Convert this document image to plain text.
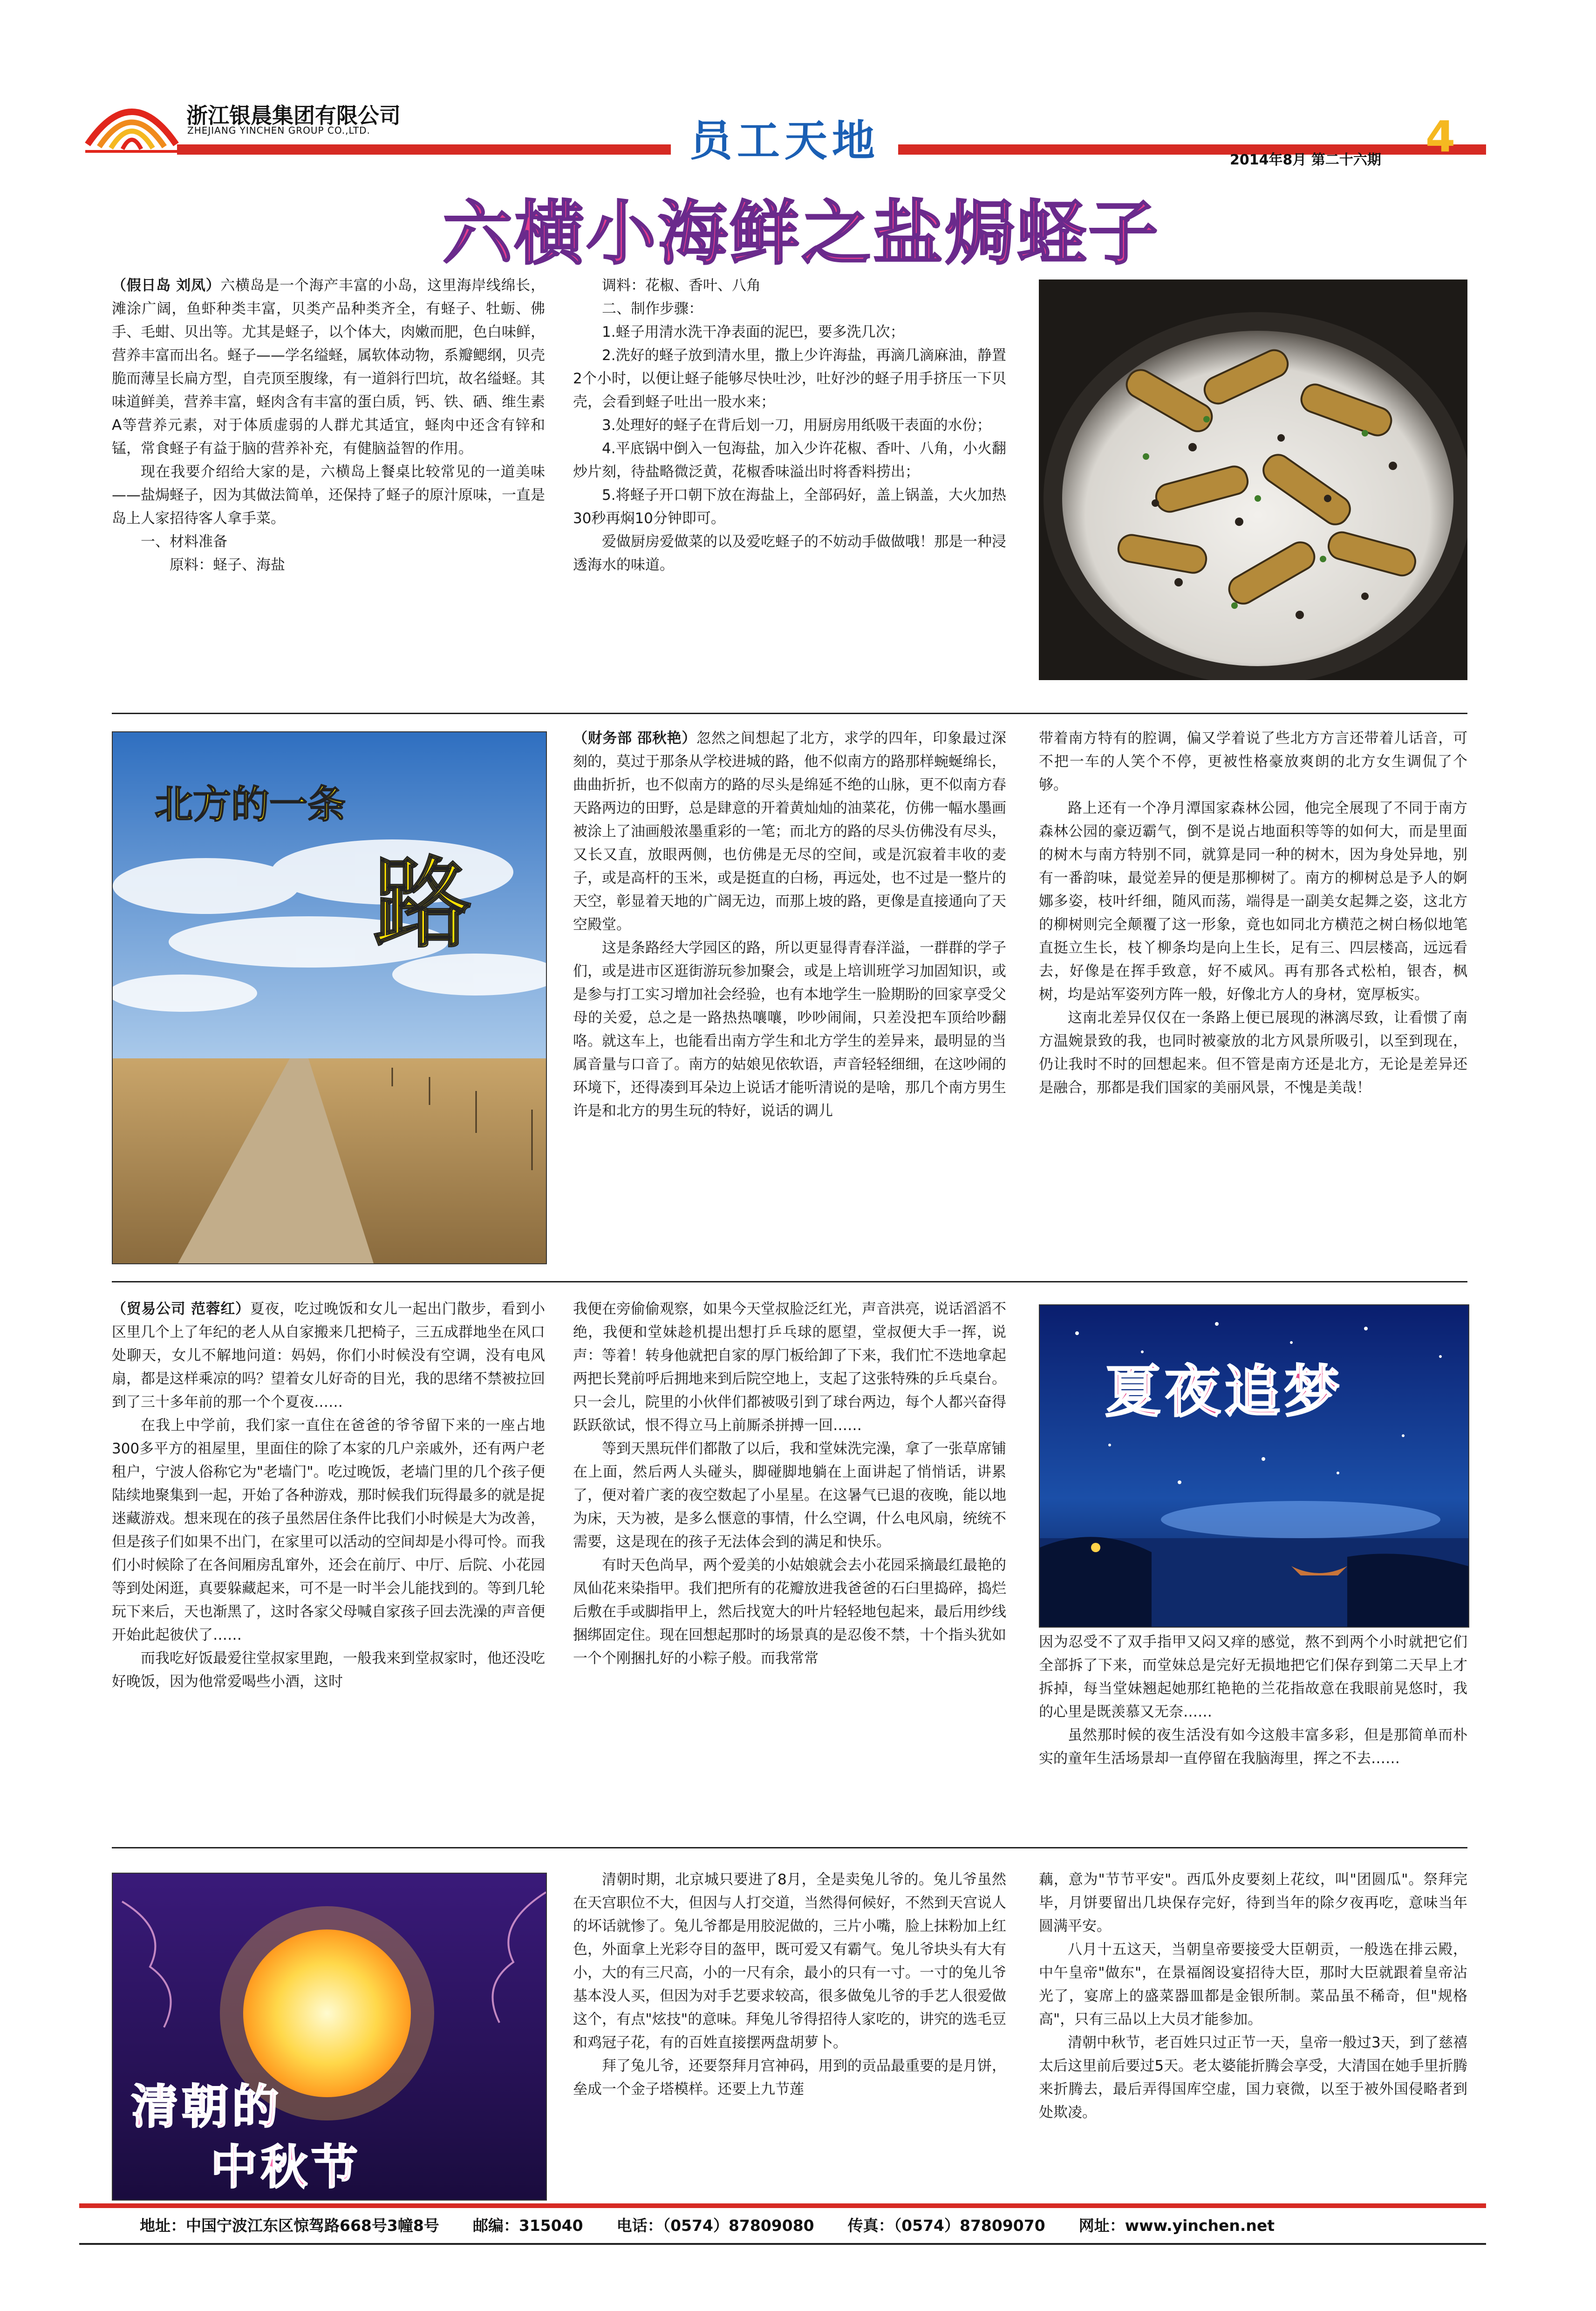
浙江银晨集团有限公司
ZHEJIANG YINCHEN GROUP CO.,LTD.	员工天地	2014年8月 第二十六期 4
六横小海鲜之盐焗蛏子

（假日岛 刘凤）六横岛是一个海产丰富的小岛，这里海岸线绵长，滩涂广阔，鱼虾种类丰富，贝类产品种类齐全，有蛏子、牡蛎、佛手、毛蚶、贝出等。尤其是蛏子，以个体大，肉嫩而肥，色白味鲜，营养丰富而出名。蛏子——学名缢蛏，属软体动物，系瓣鳃纲，贝壳脆而薄呈长扁方型，自壳顶至腹缘，有一道斜行凹坑，故名缢蛏。其味道鲜美，营养丰富，蛏肉含有丰富的蛋白质，钙、铁、硒、维生素A等营养元素，对于体质虚弱的人群尤其适宜，蛏肉中还含有锌和锰，常食蛏子有益于脑的营养补充，有健脑益智的作用。

现在我要介绍给大家的是，六横岛上餐桌比较常见的一道美味——盐焗蛏子，因为其做法简单，还保持了蛏子的原汁原味，一直是岛上人家招待客人拿手菜。

一、材料准备

原料：蛏子、海盐

调料：花椒、香叶、八角

二、制作步骤：

1.蛏子用清水洗干净表面的泥巴，要多洗几次；

2.洗好的蛏子放到清水里，撒上少许海盐，再滴几滴麻油，静置2个小时，以便让蛏子能够尽快吐沙，吐好沙的蛏子用手挤压一下贝壳，会看到蛏子吐出一股水来；

3.处理好的蛏子在背后划一刀，用厨房用纸吸干表面的水份；

4.平底锅中倒入一包海盐，加入少许花椒、香叶、八角，小火翻炒片刻，待盐略微泛黄，花椒香味溢出时将香料捞出；

5.将蛏子开口朝下放在海盐上，全部码好，盖上锅盖，大火加热30秒再焖10分钟即可。

爱做厨房爱做菜的以及爱吃蛏子的不妨动手做做哦！那是一种浸透海水的味道。

北方的一条
路

（财务部 邵秋艳）忽然之间想起了北方，求学的四年，印象最过深刻的，莫过于那条从学校进城的路，他不似南方的路那样蜿蜒绵长，曲曲折折，也不似南方的路的尽头是绵延不绝的山脉，更不似南方春天路两边的田野，总是肆意的开着黄灿灿的油菜花，仿佛一幅水墨画被涂上了油画般浓墨重彩的一笔；而北方的路的尽头仿佛没有尽头，又长又直，放眼两侧，也仿佛是无尽的空间，或是沉寂着丰收的麦子，或是高杆的玉米，或是挺直的白杨，再远处，也不过是一整片的天空，彰显着天地的广阔无边，而那上坡的路，更像是直接通向了天空殿堂。

这是条路经大学园区的路，所以更显得青春洋溢，一群群的学子们，或是进市区逛街游玩参加聚会，或是上培训班学习加固知识，或是参与打工实习增加社会经验，也有本地学生一脸期盼的回家享受父母的关爱，总之是一路热热嚷嚷，吵吵闹闹，只差没把车顶给吵翻咯。就这车上，也能看出南方学生和北方学生的差异来，最明显的当属音量与口音了。南方的姑娘见依软语，声音轻轻细细，在这吵闹的环境下，还得凑到耳朵边上说话才能听清说的是啥，那几个南方男生许是和北方的男生玩的特好，说话的调儿

带着南方特有的腔调，偏又学着说了些北方方言还带着儿话音，可不把一车的人笑个不停，更被性格豪放爽朗的北方女生调侃了个够。

路上还有一个净月潭国家森林公园，他完全展现了不同于南方森林公园的豪迈霸气，倒不是说占地面积等等的如何大，而是里面的树木与南方特别不同，就算是同一种的树木，因为身处异地，别有一番韵味，最觉差异的便是那柳树了。南方的柳树总是予人的婀娜多姿，枝叶纤细，随风而荡，端得是一副美女起舞之姿，这北方的柳树则完全颠覆了这一形象，竟也如同北方横范之树白杨似地笔直挺立生长，枝丫柳条均是向上生长，足有三、四层楼高，远远看去，好像是在挥手致意，好不威风。再有那各式松柏，银杏，枫树，均是站军姿列方阵一般，好像北方人的身材，宽厚板实。

这南北差异仅仅在一条路上便已展现的淋漓尽致，让看惯了南方温婉景致的我，也同时被豪放的北方风景所吸引，以至到现在，仍让我时不时的回想起来。但不管是南方还是北方，无论是差异还是融合，那都是我们国家的美丽风景，不愧是美哉！

（贸易公司 范蓉红）夏夜，吃过晚饭和女儿一起出门散步，看到小区里几个上了年纪的老人从自家搬来几把椅子，三五成群地坐在风口处聊天，女儿不解地问道：妈妈，你们小时候没有空调，没有电风扇，都是这样乘凉的吗？望着女儿好奇的目光，我的思绪不禁被拉回到了三十多年前的那一个个夏夜……

在我上中学前，我们家一直住在爸爸的爷爷留下来的一座占地300多平方的祖屋里，里面住的除了本家的几户亲戚外，还有两户老租户，宁波人俗称它为"老墙门"。吃过晚饭，老墙门里的几个孩子便陆续地聚集到一起，开始了各种游戏，那时候我们玩得最多的就是捉迷藏游戏。想来现在的孩子虽然居住条件比我们小时候是大为改善，但是孩子们如果不出门，在家里可以活动的空间却是小得可怜。而我们小时候除了在各间厢房乱窜外，还会在前厅、中厅、后院、小花园等到处闲逛，真要躲藏起来，可不是一时半会儿能找到的。等到几轮玩下来后，天也渐黑了，这时各家父母喊自家孩子回去洗澡的声音便开始此起彼伏了……

而我吃好饭最爱往堂叔家里跑，一般我来到堂叔家时，他还没吃好晚饭，因为他常爱喝些小酒，这时

我便在旁偷偷观察，如果今天堂叔脸泛红光，声音洪亮，说话滔滔不绝，我便和堂妹趁机提出想打乒乓球的愿望，堂叔便大手一挥，说声：等着！转身他就把自家的厚门板给卸了下来，我们忙不迭地拿起两把长凳前呼后拥地来到后院空地上，支起了这张特殊的乒乓桌台。只一会儿，院里的小伙伴们都被吸引到了球台两边，每个人都兴奋得跃跃欲试，恨不得立马上前厮杀拼搏一回……

等到天黑玩伴们都散了以后，我和堂妹洗完澡，拿了一张草席铺在上面，然后两人头碰头，脚碰脚地躺在上面讲起了悄悄话，讲累了，便对着广袤的夜空数起了小星星。在这暑气已退的夜晚，能以地为床，天为被，是多么惬意的事情，什么空调，什么电风扇，统统不需要，这是现在的孩子无法体会到的满足和快乐。

有时天色尚早，两个爱美的小姑娘就会去小花园采摘最红最艳的凤仙花来染指甲。我们把所有的花瓣放进我爸爸的石臼里捣碎，捣烂后敷在手或脚指甲上，然后找宽大的叶片轻轻地包起来，最后用纱线捆绑固定住。现在回想起那时的场景真的是忍俊不禁，十个指头犹如一个个刚捆扎好的小粽子般。而我常常

夏夜追梦

因为忍受不了双手指甲又闷又痒的感觉，熬不到两个小时就把它们全部拆了下来，而堂妹总是完好无损地把它们保存到第二天早上才拆掉，每当堂妹翘起她那红艳艳的兰花指故意在我眼前晃悠时，我的心里是既羡慕又无奈……

虽然那时候的夜生活没有如今这般丰富多彩，但是那简单而朴实的童年生活场景却一直停留在我脑海里，挥之不去……

清朝的
中秋节

清朝时期，北京城只要进了8月，全是卖兔儿爷的。兔儿爷虽然在天宫职位不大，但因与人打交道，当然得何候好，不然到天宫说人的坏话就惨了。兔儿爷都是用胶泥做的，三片小嘴，脸上抹粉加上红色，外面拿上光彩夺目的盔甲，既可爱又有霸气。兔儿爷块头有大有小，大的有三尺高，小的一尺有余，最小的只有一寸。一寸的兔儿爷基本没人买，但因为对手艺要求较高，很多做兔儿爷的手艺人很爱做这个，有点"炫技"的意味。拜兔儿爷得招待人家吃的，讲究的选毛豆和鸡冠子花，有的百姓直接摆两盘胡萝卜。

拜了兔儿爷，还要祭拜月宫神码，用到的贡品最重要的是月饼，垒成一个金子塔模样。还要上九节莲

藕，意为"节节平安"。西瓜外皮要刻上花纹，叫"团圆瓜"。祭拜完毕，月饼要留出几块保存完好，待到当年的除夕夜再吃，意味当年圆满平安。

八月十五这天，当朝皇帝要接受大臣朝贡，一般选在排云殿，中午皇帝"做东"，在景福阁设宴招待大臣，那时大臣就跟着皇帝沾光了，宴席上的盛菜器皿都是金银所制。菜品虽不稀奇，但"规格高"，只有三品以上大员才能参加。

清朝中秋节，老百姓只过正节一天，皇帝一般过3天，到了慈禧太后这里前后要过5天。老太婆能折腾会享受，大清国在她手里折腾来折腾去，最后弄得国库空虚，国力衰微，以至于被外国侵略者到处欺凌。

地址：中国宁波江东区惊驾路668号3幢8号 邮编：315040 电话：（0574）87809080 传真：（0574）87809070 网址：www.yinchen.net
